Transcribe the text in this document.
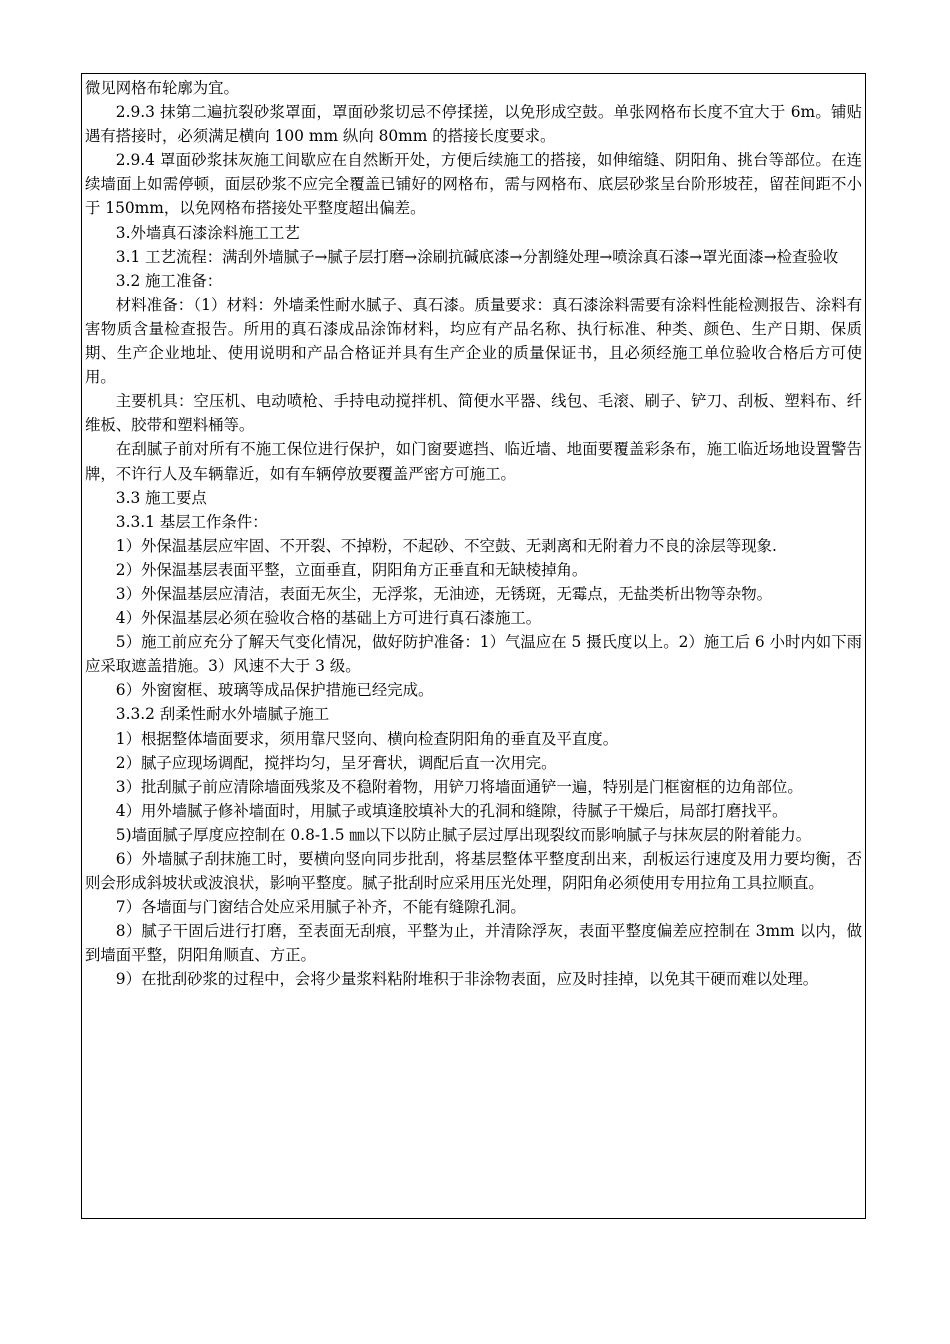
微见网格布轮廓为宜。

2.9.3 抹第二遍抗裂砂浆罩面，罩面砂浆切忌不停揉搓，以免形成空鼓。单张网格布长度不宜大于 6m。铺贴遇有搭接时，必须满足横向 100 mm 纵向 80mm 的搭接长度要求。

2.9.4 罩面砂浆抹灰施工间歇应在自然断开处，方便后续施工的搭接，如伸缩缝、阴阳角、挑台等部位。在连续墙面上如需停顿，面层砂浆不应完全覆盖已铺好的网格布，需与网格布、底层砂浆呈台阶形坡茬，留茬间距不小于 150mm，以免网格布搭接处平整度超出偏差。

3.外墙真石漆涂料施工工艺

3.1 工艺流程：满刮外墙腻子→腻子层打磨→涂刷抗碱底漆→分割缝处理→喷涂真石漆→罩光面漆→检查验收

3.2 施工准备：

材料准备：（1）材料：外墙柔性耐水腻子、真石漆。质量要求：真石漆涂料需要有涂料性能检测报告、涂料有害物质含量检查报告。所用的真石漆成品涂饰材料，均应有产品名称、执行标准、种类、颜色、生产日期、保质期、生产企业地址、使用说明和产品合格证并具有生产企业的质量保证书，且必须经施工单位验收合格后方可使用。

主要机具：空压机、电动喷枪、手持电动搅拌机、简便水平器、线包、毛滚、刷子、铲刀、刮板、塑料布、纤维板、胶带和塑料桶等。

在刮腻子前对所有不施工保位进行保护，如门窗要遮挡、临近墙、地面要覆盖彩条布，施工临近场地设置警告牌，不许行人及车辆靠近，如有车辆停放要覆盖严密方可施工。

3.3 施工要点

3.3.1 基层工作条件：

1）外保温基层应牢固、不开裂、不掉粉，不起砂、不空鼓、无剥离和无附着力不良的涂层等现象.

2）外保温基层表面平整，立面垂直，阴阳角方正垂直和无缺棱掉角。

3）外保温基层应清洁，表面无灰尘，无浮浆，无油迹，无锈斑，无霉点，无盐类析出物等杂物。

4）外保温基层必须在验收合格的基础上方可进行真石漆施工。

5）施工前应充分了解天气变化情况，做好防护准备：1）气温应在 5 摄氏度以上。2）施工后 6 小时内如下雨应采取遮盖措施。3）风速不大于 3 级。

6）外窗窗框、玻璃等成品保护措施已经完成。

3.3.2 刮柔性耐水外墙腻子施工

1）根据整体墙面要求，须用靠尺竖向、横向检查阴阳角的垂直及平直度。

2）腻子应现场调配，搅拌均匀，呈牙膏状，调配后直一次用完。

3）批刮腻子前应清除墙面残浆及不稳附着物，用铲刀将墙面通铲一遍，特别是门框窗框的边角部位。

4）用外墙腻子修补墙面时，用腻子或填逢胶填补大的孔洞和缝隙，待腻子干燥后，局部打磨找平。

5)墙面腻子厚度应控制在 0.8-1.5 ㎜以下以防止腻子层过厚出现裂纹而影响腻子与抹灰层的附着能力。

6）外墙腻子刮抹施工时，要横向竖向同步批刮，将基层整体平整度刮出来，刮板运行速度及用力要均衡，否则会形成斜坡状或波浪状，影响平整度。腻子批刮时应采用压光处理，阴阳角必须使用专用拉角工具拉顺直。

7）各墙面与门窗结合处应采用腻子补齐，不能有缝隙孔洞。

8）腻子干固后进行打磨，至表面无刮痕，平整为止，并清除浮灰，表面平整度偏差应控制在 3mm 以内，做到墙面平整，阴阳角顺直、方正。

9）在批刮砂浆的过程中，会将少量浆料粘附堆积于非涂物表面，应及时挂掉，以免其干硬而难以处理。
